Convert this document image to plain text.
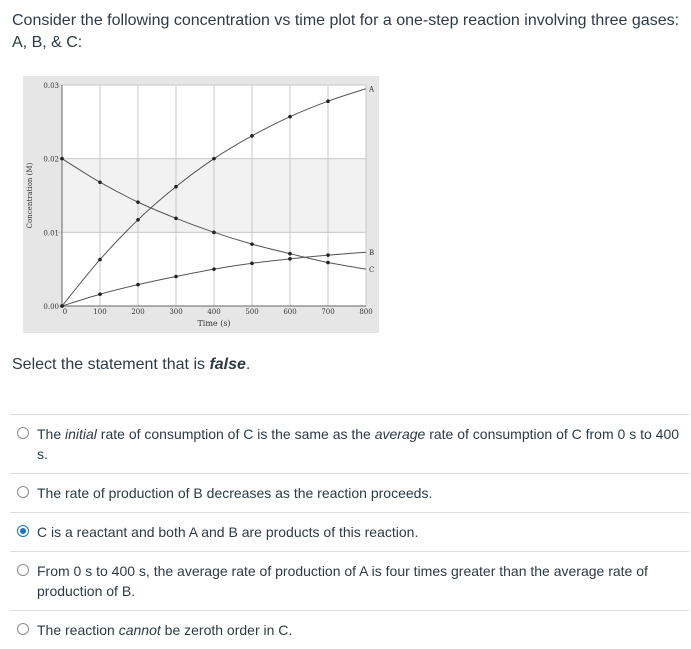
Consider the following concentration vs time plot for a one-step reaction involving three gases:
A, B, & C:
0.00
0.01
0.02
0.03
0	100	200	300	400	500	600	700	800
Time (s)
Concentration (M)
A
B
C
Select the statement that is false.
The initial rate of consumption of C is the same as the average rate of consumption of C from 0 s to 400 s.
The rate of production of B decreases as the reaction proceeds.
C is a reactant and both A and B are products of this reaction.
From 0 s to 400 s, the average rate of production of A is four times greater than the average rate of production of B.
The reaction cannot be zeroth order in C.
